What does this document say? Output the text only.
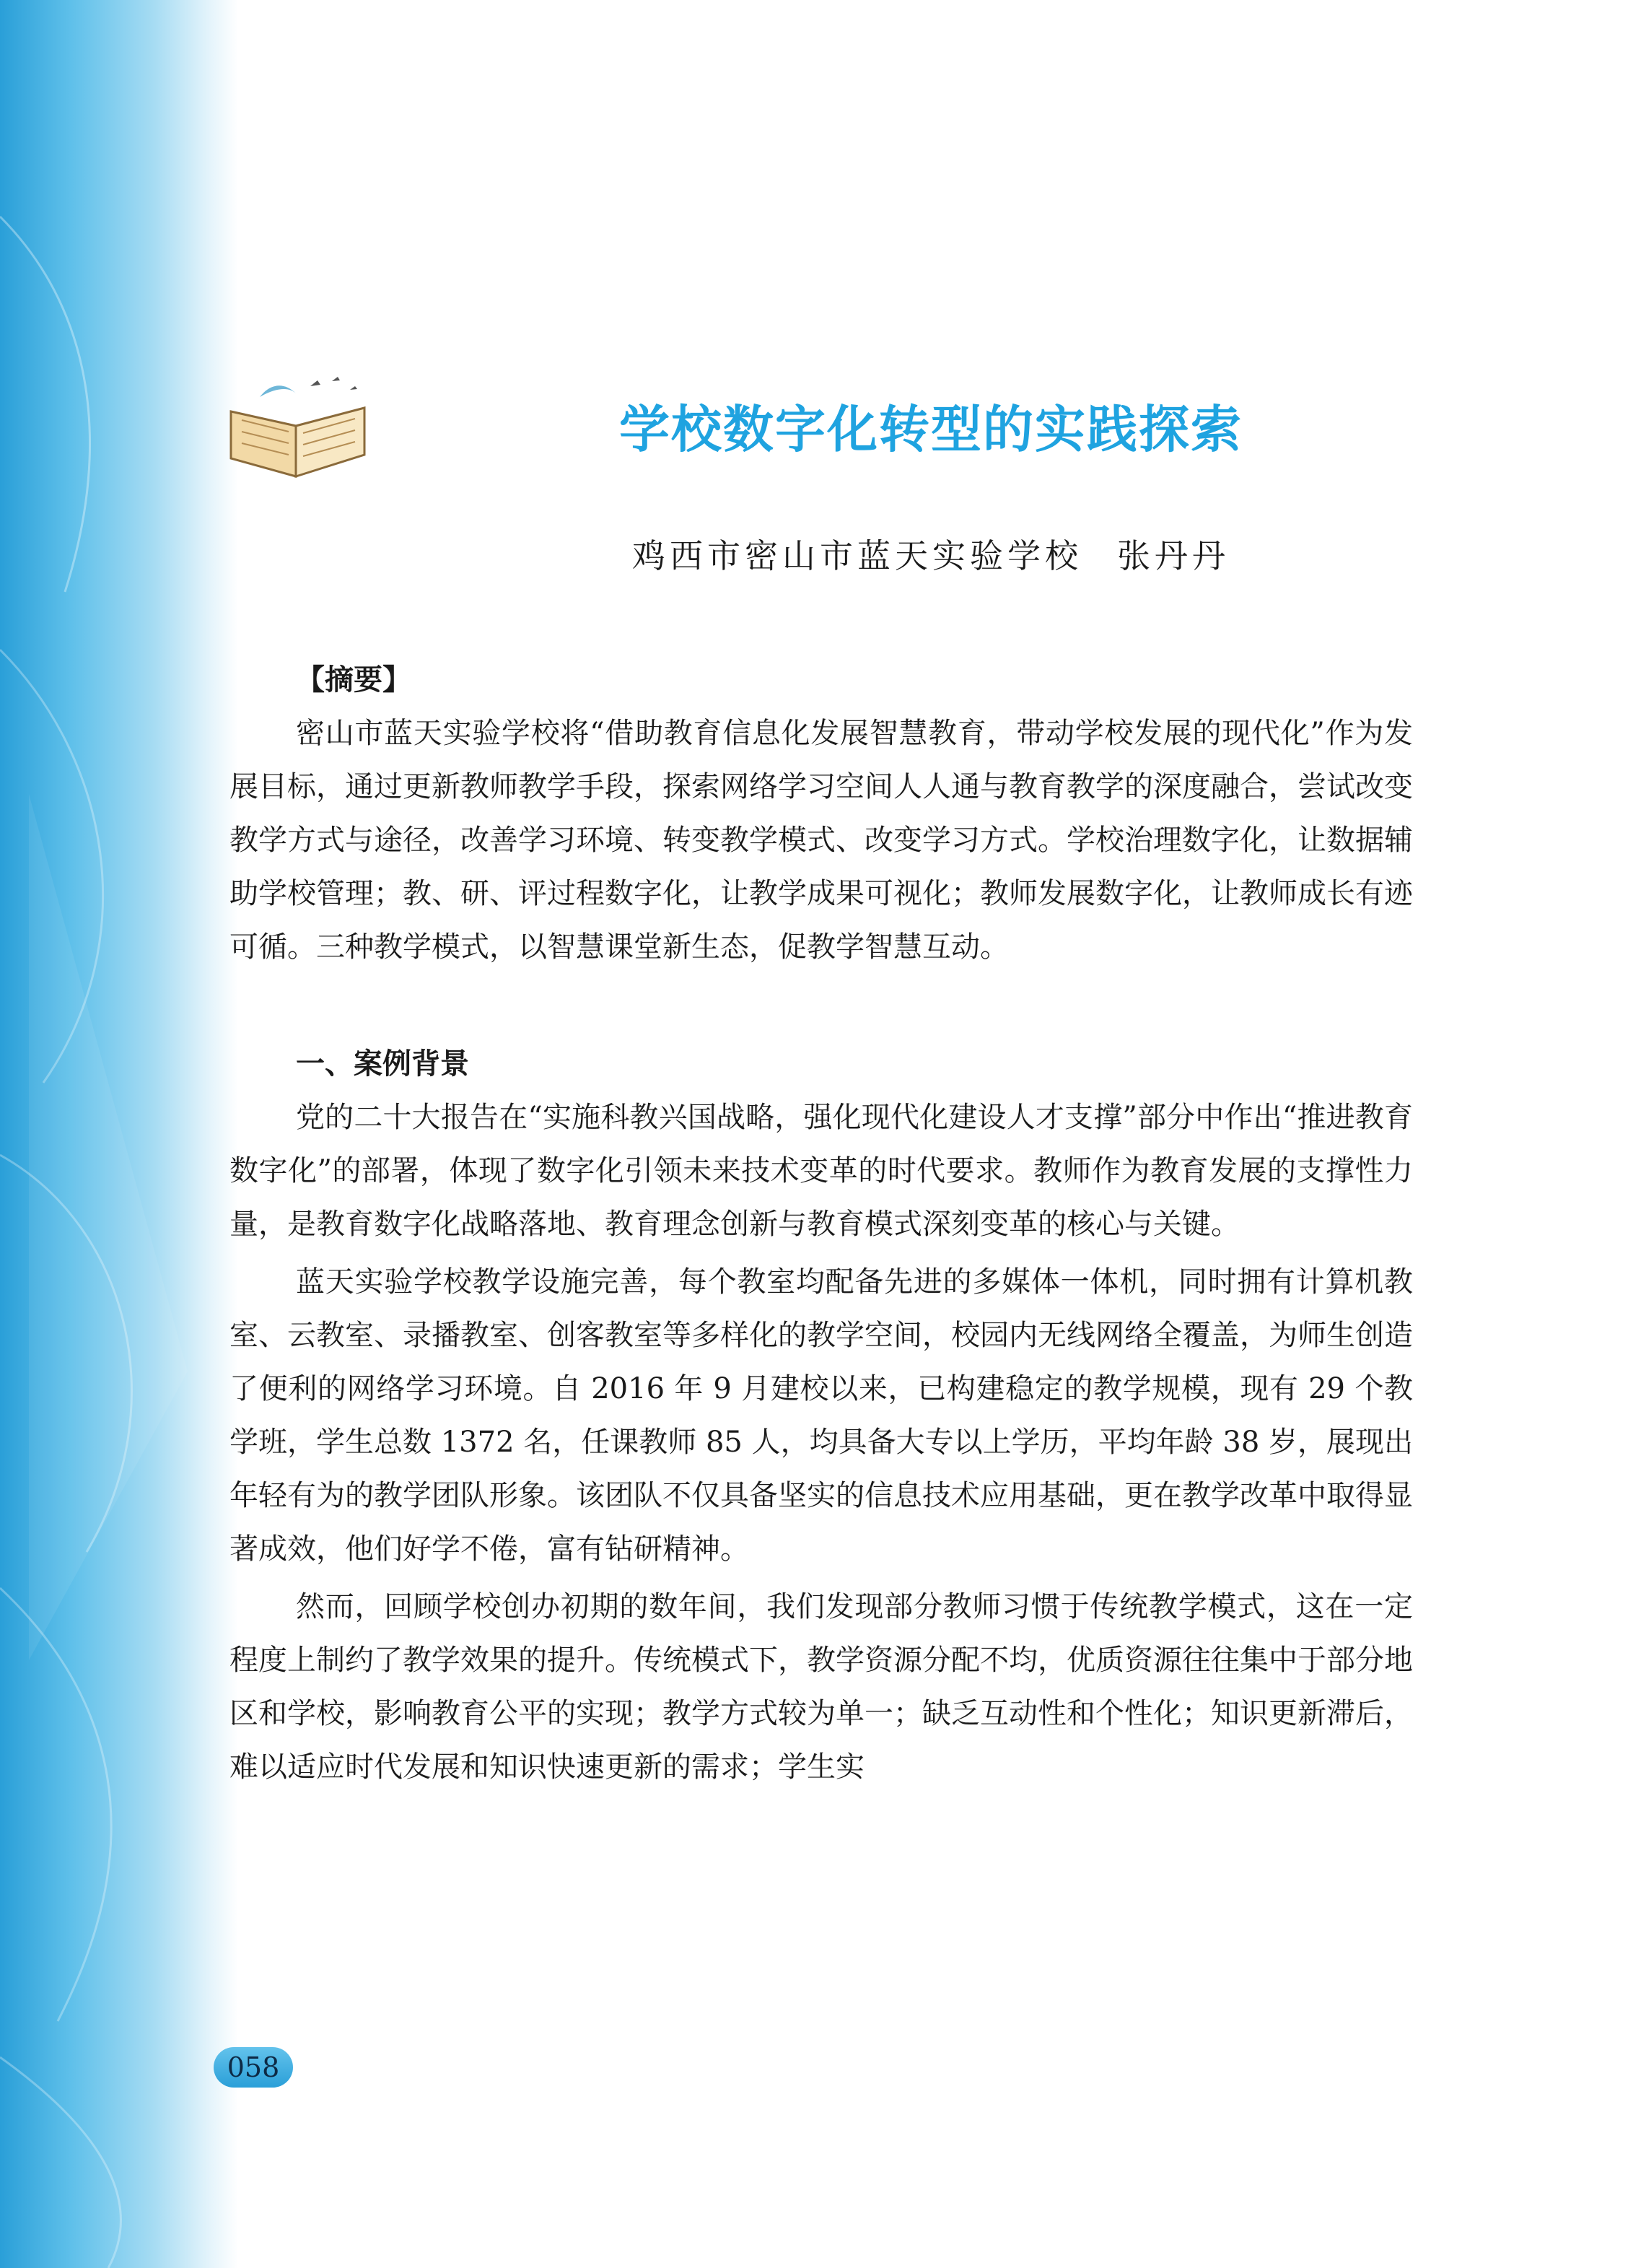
学校数字化转型的实践探索
鸡西市密山市蓝天实验学校 张丹丹
【摘要】

密山市蓝天实验学校将“借助教育信息化发展智慧教育，带动学校发展的现代化”作为发展目标，通过更新教师教学手段，探索网络学习空间人人通与教育教学的深度融合，尝试改变教学方式与途径，改善学习环境、转变教学模式、改变学习方式。学校治理数字化，让数据辅助学校管理；教、研、评过程数字化，让教学成果可视化；教师发展数字化，让教师成长有迹可循。三种教学模式，以智慧课堂新生态，促教学智慧互动。

一、案例背景

党的二十大报告在“实施科教兴国战略，强化现代化建设人才支撑”部分中作出“推进教育数字化”的部署，体现了数字化引领未来技术变革的时代要求。教师作为教育发展的支撑性力量，是教育数字化战略落地、教育理念创新与教育模式深刻变革的核心与关键。

蓝天实验学校教学设施完善，每个教室均配备先进的多媒体一体机，同时拥有计算机教室、云教室、录播教室、创客教室等多样化的教学空间，校园内无线网络全覆盖，为师生创造了便利的网络学习环境。自 2016 年 9 月建校以来，已构建稳定的教学规模，现有 29 个教学班，学生总数 1372 名，任课教师 85 人，均具备大专以上学历，平均年龄 38 岁，展现出年轻有为的教学团队形象。该团队不仅具备坚实的信息技术应用基础，更在教学改革中取得显著成效，他们好学不倦，富有钻研精神。

然而，回顾学校创办初期的数年间，我们发现部分教师习惯于传统教学模式，这在一定程度上制约了教学效果的提升。传统模式下，教学资源分配不均，优质资源往往集中于部分地区和学校，影响教育公平的实现；教学方式较为单一；缺乏互动性和个性化；知识更新滞后，难以适应时代发展和知识快速更新的需求；学生实

058
